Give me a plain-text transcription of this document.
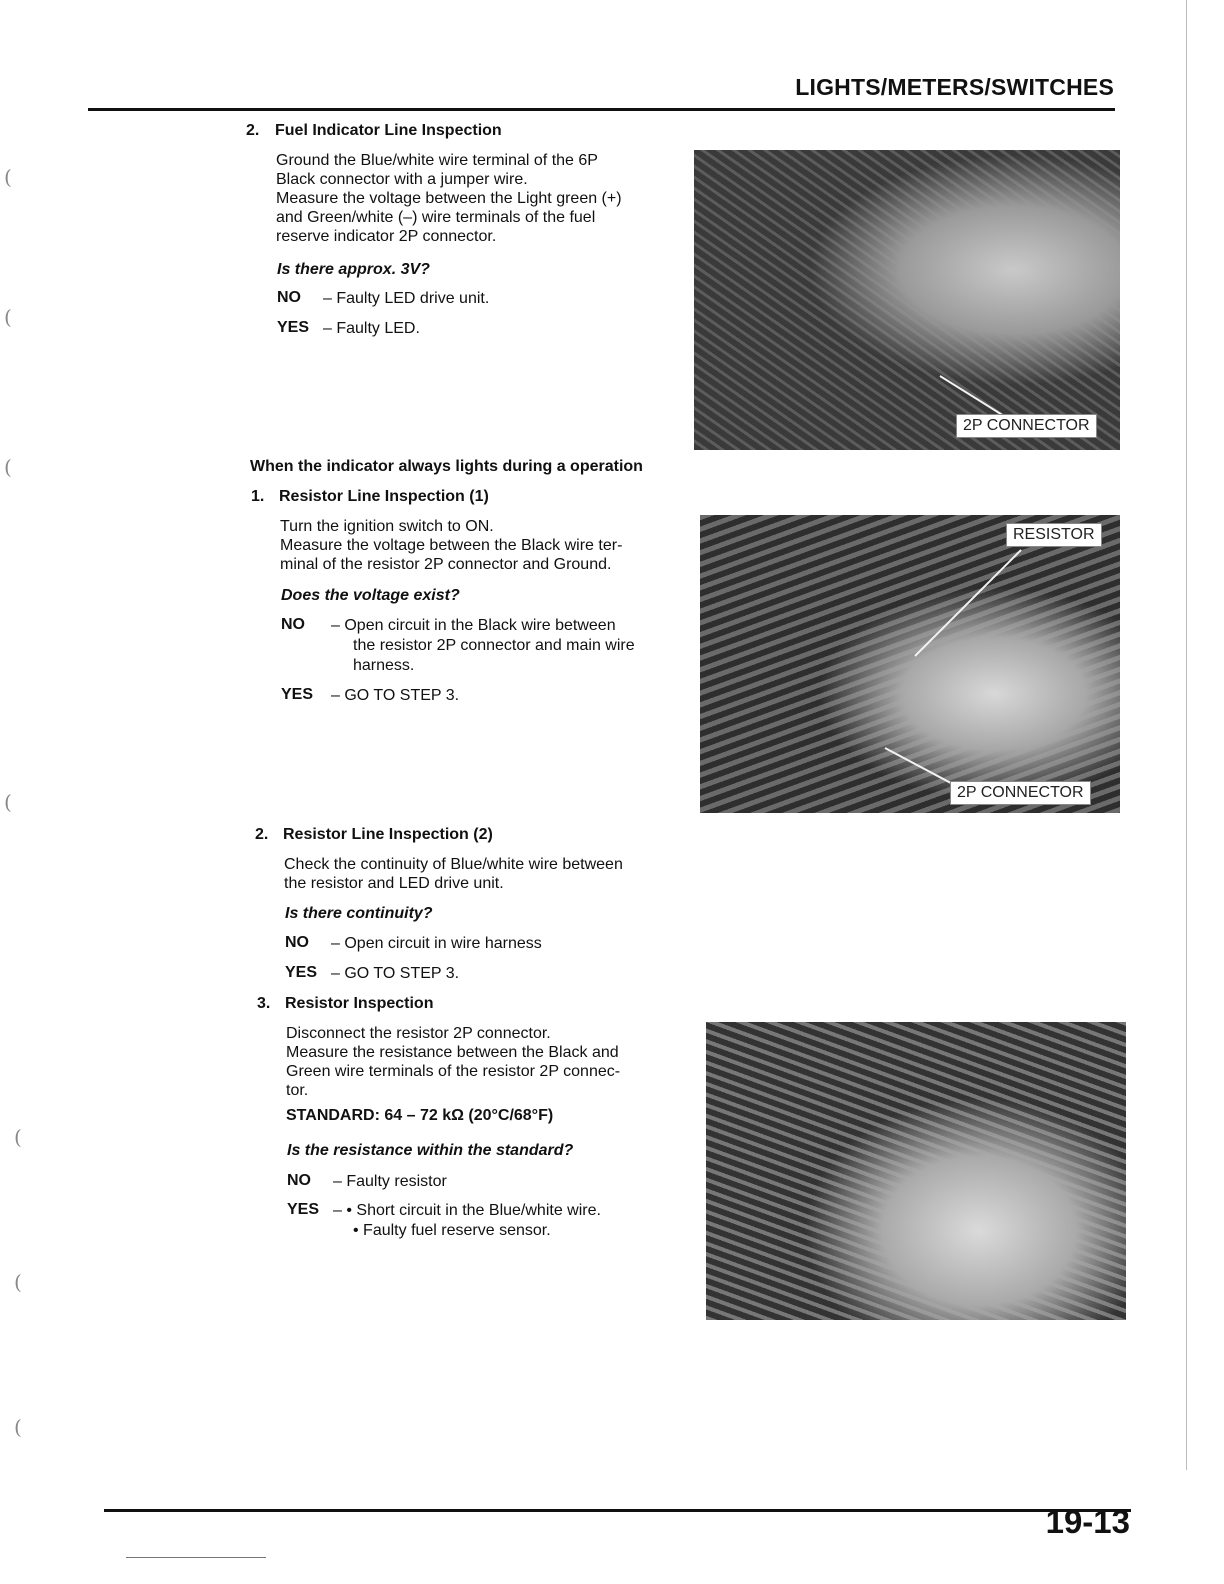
(
(
(
(
(
(
(
LIGHTS/METERS/SWITCHES
2. Fuel Indicator Line Inspection
Ground the Blue/white wire terminal of the 6P
Black connector with a jumper wire.
Measure the voltage between the Light green (+)
and Green/white (–) wire terminals of the fuel
reserve indicator 2P connector.
Is there approx. 3V?
NO	– Faulty LED drive unit.
YES – Faulty LED.
2P CONNECTOR
When the indicator always lights during a operation
1. Resistor Line Inspection (1)
Turn the ignition switch to ON.
Measure the voltage between the Black wire ter-
minal of the resistor 2P connector and Ground.
Does the voltage exist?
NO	– Open circuit in the Black wire between
the resistor 2P connector and main wire
harness.
YES	– GO TO STEP 3.
RESISTOR
2P CONNECTOR
2. Resistor Line Inspection (2)
Check the continuity of Blue/white wire between
the resistor and LED drive unit.
Is there continuity?
NO	– Open circuit in wire harness
YES – GO TO STEP 3.
3. Resistor Inspection
Disconnect the resistor 2P connector.
Measure the resistance between the Black and
Green wire terminals of the resistor 2P connec-
tor.
STANDARD: 64 – 72 kΩ (20°C/68°F)
Is the resistance within the standard?
NO	– Faulty resistor
YES – • Short circuit in the Blue/white wire.
• Faulty fuel reserve sensor.
19-13
